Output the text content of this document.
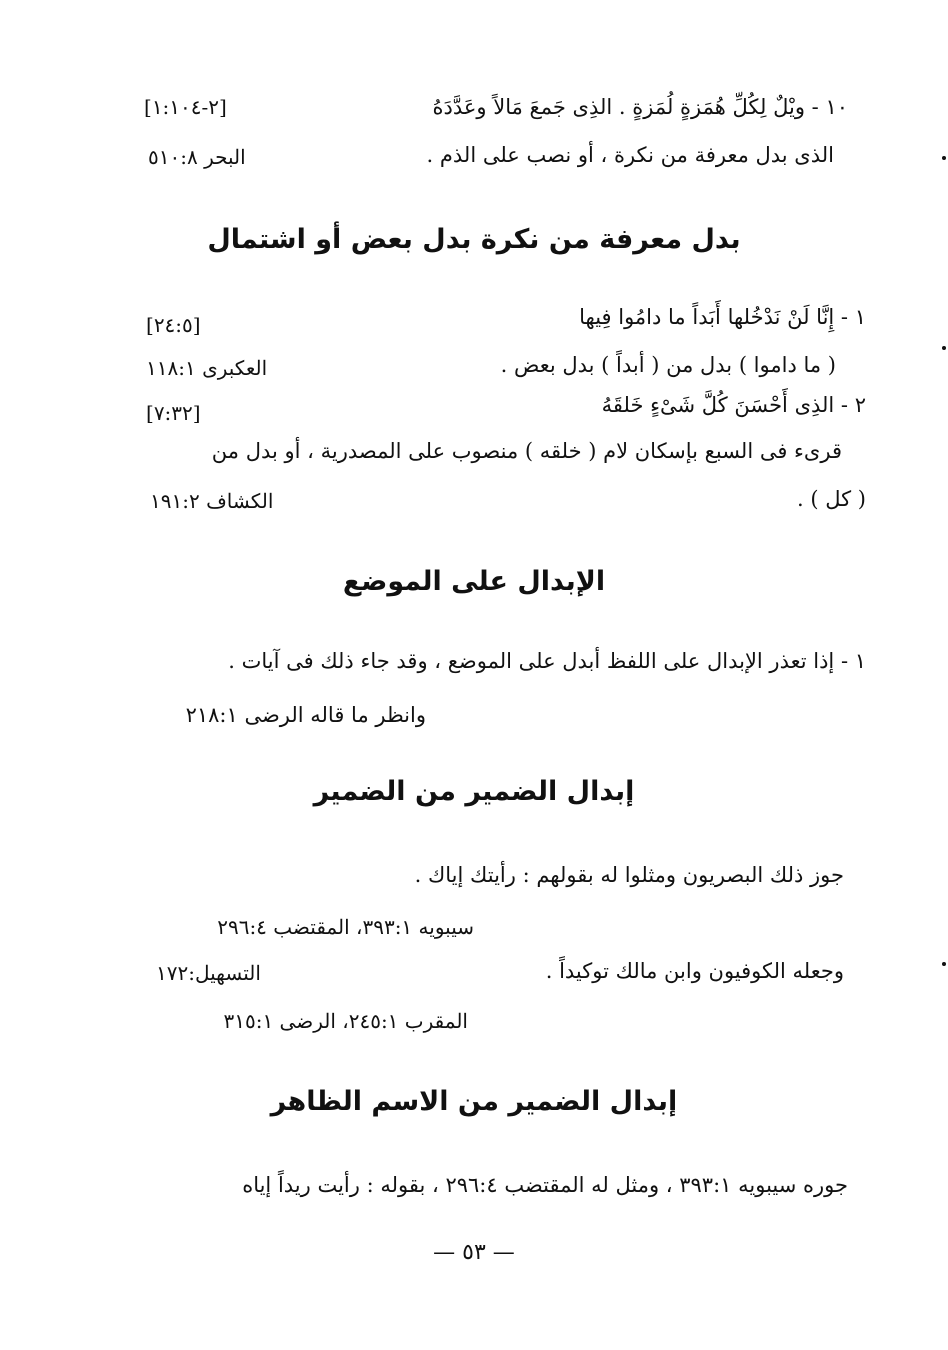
١٠ - ويْلٌ لِكُلِّ هُمَزةٍ لُمَزةٍ . الذِى جَمعَ مَالاً وعَدَّدَهُ
[٢-١:١٠٤]
الذى بدل معرفة من نكرة ، أو نصب على الذم .
البحر ٥١٠:٨
بدل معرفة من نكرة بدل بعض أو اشتمال
١ - إِنَّا لَنْ نَدْخُلها أَبَداً ما دامُوا فِيها
[٢٤:٥]
( ما داموا ) بدل من ( أبداً ) بدل بعض .
العكبرى ١١٨:١
٢ - الذِى أَحْسَنَ كُلَّ شَىْءٍ خَلقَهُ
[٧:٣٢]
قرىء فى السبع بإسكان لام ( خلقه ) منصوب على المصدرية ، أو بدل من
( كل ) .
الكشاف ١٩١:٢
الإبدال على الموضع
١ - إذا تعذر الإبدال على اللفظ أبدل على الموضع ، وقد جاء ذلك فى آيات .
وانظر ما قاله الرضى ٢١٨:١
إبدال الضمير من الضمير
جوز ذلك البصريون ومثلوا له بقولهم : رأيتك إياك .
سيبويه ٣٩٣:١، المقتضب ٢٩٦:٤
وجعله الكوفيون وابن مالك توكيداً .
التسهيل:١٧٢
المقرب ٢٤٥:١، الرضى ٣١٥:١
إبدال الضمير من الاسم الظاهر
جوره سيبويه ٣٩٣:١ ، ومثل له المقتضب ٢٩٦:٤ ، بقوله : رأيت ريداً إياه
— ٥٣ —
